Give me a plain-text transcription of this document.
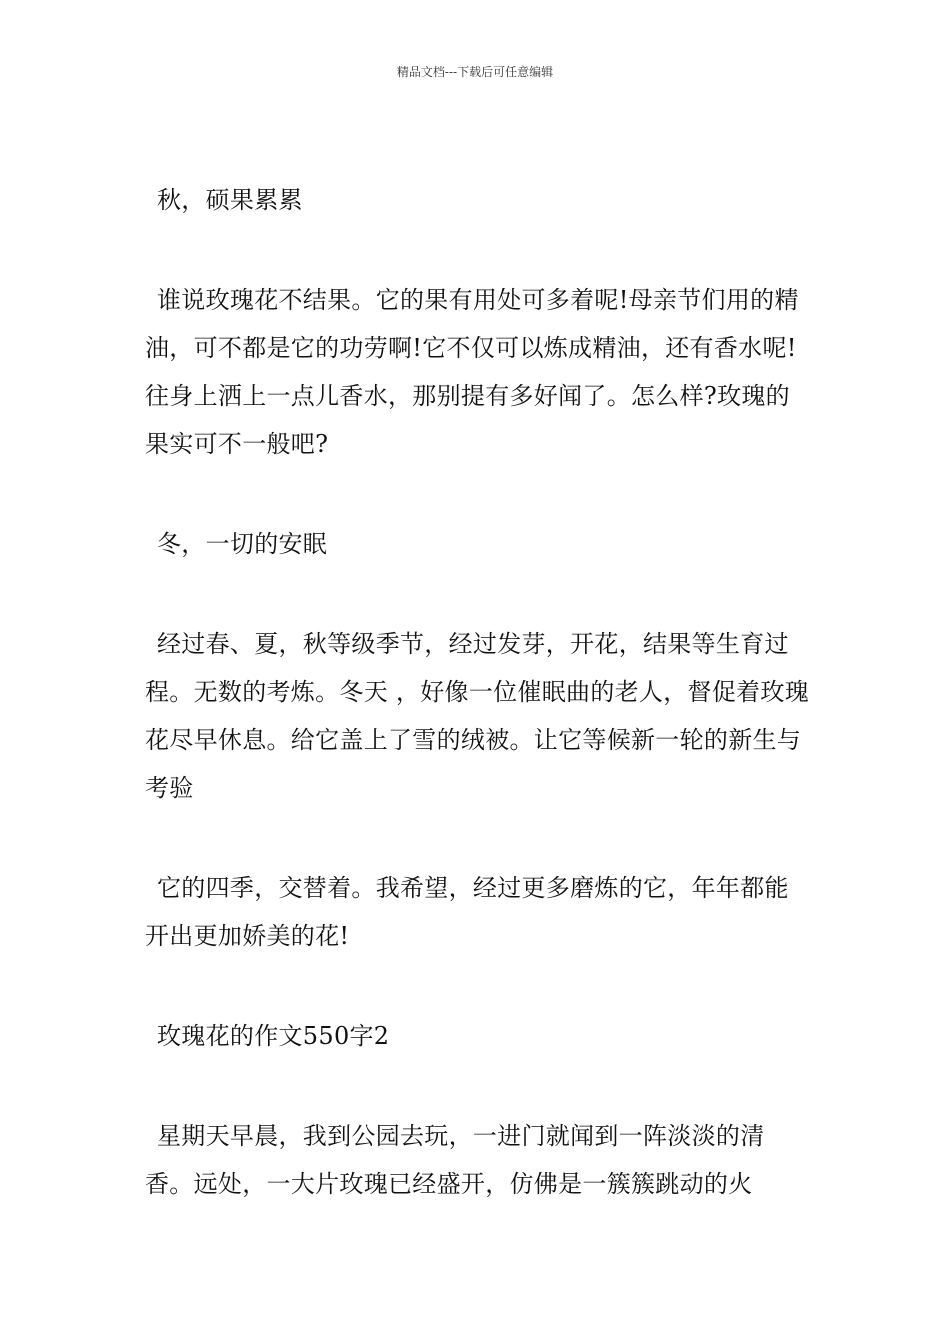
精品文档---下载后可任意编辑

秋，硕果累累

谁说玫瑰花不结果。它的果有用处可多着呢!母亲节们用的精油，可不都是它的功劳啊!它不仅可以炼成精油，还有香水呢!往身上洒上一点儿香水，那别提有多好闻了。怎么样?玫瑰的果实可不一般吧?

冬，一切的安眠

经过春、夏，秋等级季节，经过发芽，开花，结果等生育过程。无数的考炼。冬天 ，好像一位催眠曲的老人，督促着玫瑰花尽早休息。给它盖上了雪的绒被。让它等候新一轮的新生与考验

它的四季，交替着。我希望，经过更多磨炼的它，年年都能开出更加娇美的花!

玫瑰花的作文550字2

星期天早晨，我到公园去玩，一进门就闻到一阵淡淡的清香。远处，一大片玫瑰已经盛开，仿佛是一簇簇跳动的火
